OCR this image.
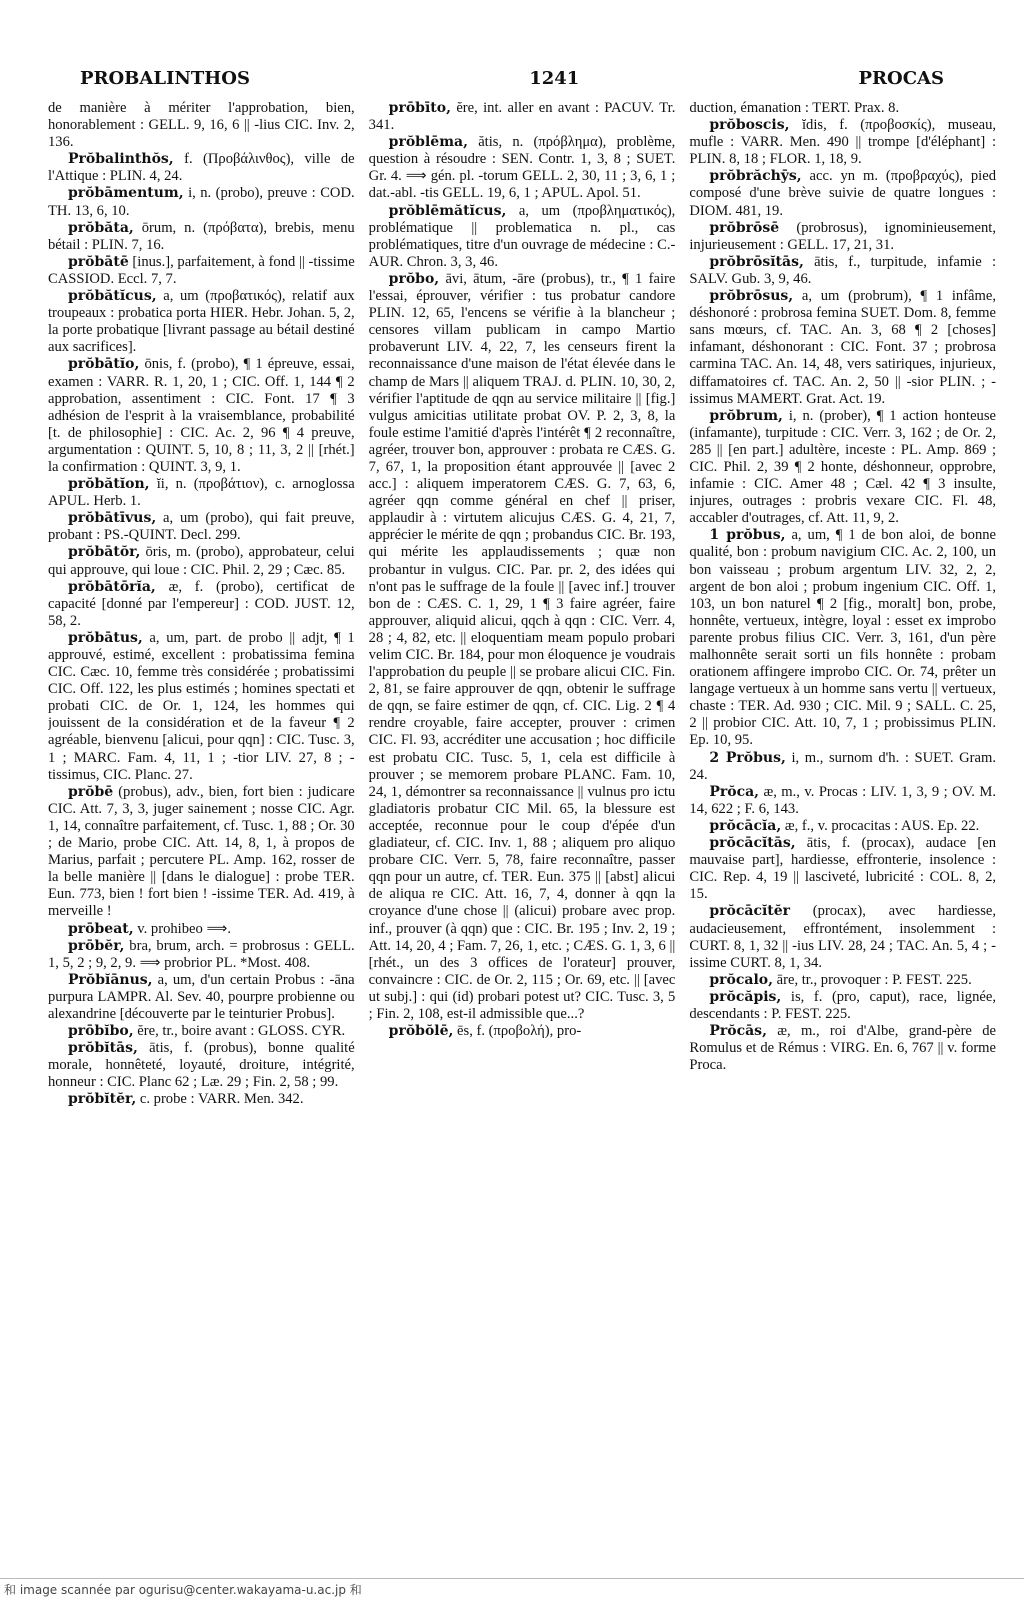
PROBALINTHOS	1241	PROCAS

de manière à mériter l'approbation, bien, honorablement : GELL. 9, 16, 6 || -lius CIC. Inv. 2, 136.

Prŏbalinthŏs, f. (Προβάλινθος), ville de l'Attique : PLIN. 4, 24.

prŏbāmentum, i, n. (probo), preuve : COD. TH. 13, 6, 10.

prŏbăta, ōrum, n. (πρόβατα), brebis, menu bétail : PLIN. 7, 16.

prŏbātē [inus.], parfaitement, à fond || -tissime CASSIOD. Eccl. 7, 7.

prŏbătĭcus, a, um (προβατικός), relatif aux troupeaux : probatica porta HIER. Hebr. Johan. 5, 2, la porte probatique [livrant passage au bétail destiné aux sacrifices].

prŏbātĭo, ōnis, f. (probo), ¶ 1 épreuve, essai, examen : VARR. R. 1, 20, 1 ; CIC. Off. 1, 144 ¶ 2 approbation, assentiment : CIC. Font. 17 ¶ 3 adhésion de l'esprit à la vraisemblance, probabilité [t. de philosophie] : CIC. Ac. 2, 96 ¶ 4 preuve, argumentation : QUINT. 5, 10, 8 ; 11, 3, 2 || [rhét.] la confirmation : QUINT. 3, 9, 1.

prŏbătĭon, ĭi, n. (προβάτιον), c. arnoglossa APUL. Herb. 1.

prŏbātīvus, a, um (probo), qui fait preuve, probant : PS.-QUINT. Decl. 299.

prŏbātŏr, ōris, m. (probo), approbateur, celui qui approuve, qui loue : CIC. Phil. 2, 29 ; Cæc. 85.

prŏbātōrĭa, æ, f. (probo), certificat de capacité [donné par l'empereur] : COD. JUST. 12, 58, 2.

prŏbātus, a, um, part. de probo || adjt, ¶ 1 approuvé, estimé, excellent : probatissima femina CIC. Cæc. 10, femme très considérée ; probatissimi CIC. Off. 122, les plus estimés ; homines spectati et probati CIC. de Or. 1, 124, les hommes qui jouissent de la considération et de la faveur ¶ 2 agréable, bienvenu [alicui, pour qqn] : CIC. Tusc. 3, 1 ; MARC. Fam. 4, 11, 1 ; -tior LIV. 27, 8 ; -tissimus, CIC. Planc. 27.

prŏbē (probus), adv., bien, fort bien : judicare CIC. Att. 7, 3, 3, juger sainement ; nosse CIC. Agr. 1, 14, connaître parfaitement, cf. Tusc. 1, 88 ; Or. 30 ; de Mario, probe CIC. Att. 14, 8, 1, à propos de Marius, parfait ; percutere PL. Amp. 162, rosser de la belle manière || [dans le dialogue] : probe TER. Eun. 773, bien ! fort bien ! -issime TER. Ad. 419, à merveille !

prōbeat, v. prohibeo ⟹.

prōbĕr, bra, brum, arch. = probrosus : GELL. 1, 5, 2 ; 9, 2, 9. ⟹ probrior PL. *Most. 408.

Prŏbĭānus, a, um, d'un certain Probus : -āna purpura LAMPR. Al. Sev. 40, pourpre probienne ou alexandrine [découverte par le teinturier Probus].

prōbĭbo, ĕre, tr., boire avant : GLOSS. CYR.

prŏbĭtās, ātis, f. (probus), bonne qualité morale, honnêteté, loyauté, droiture, intégrité, honneur : CIC. Planc 62 ; Læ. 29 ; Fin. 2, 58 ; 99.

prŏbĭtĕr, c. probe : VARR. Men. 342.

prōbīto, ĕre, int. aller en avant : PACUV. Tr. 341.

prŏblēma, ătis, n. (πρόβλημα), problème, question à résoudre : SEN. Contr. 1, 3, 8 ; SUET. Gr. 4. ⟹ gén. pl. -torum GELL. 2, 30, 11 ; 3, 6, 1 ; dat.-abl. -tis GELL. 19, 6, 1 ; APUL. Apol. 51.

prŏblēmătĭcus, a, um (προβληματικός), problématique || problematica n. pl., cas problématiques, titre d'un ouvrage de médecine : C.-AUR. Chron. 3, 3, 46.

prŏbo, āvi, ātum, -āre (probus), tr., ¶ 1 faire l'essai, éprouver, vérifier : tus probatur candore PLIN. 12, 65, l'encens se vérifie à la blancheur ; censores villam publicam in campo Martio probaverunt LIV. 4, 22, 7, les censeurs firent la reconnaissance d'une maison de l'état élevée dans le champ de Mars || aliquem TRAJ. d. PLIN. 10, 30, 2, vérifier l'aptitude de qqn au service militaire || [fig.] vulgus amicitias utilitate probat OV. P. 2, 3, 8, la foule estime l'amitié d'après l'intérêt ¶ 2 reconnaître, agréer, trouver bon, approuver : probata re CÆS. G. 7, 67, 1, la proposition étant approuvée || [avec 2 acc.] : aliquem imperatorem CÆS. G. 7, 63, 6, agréer qqn comme général en chef || priser, applaudir à : virtutem alicujus CÆS. G. 4, 21, 7, apprécier le mérite de qqn ; probandus CIC. Br. 193, qui mérite les applaudissements ; quæ non probantur in vulgus. CIC. Par. pr. 2, des idées qui n'ont pas le suffrage de la foule || [avec inf.] trouver bon de : CÆS. C. 1, 29, 1 ¶ 3 faire agréer, faire approuver, aliquid alicui, qqch à qqn : CIC. Verr. 4, 28 ; 4, 82, etc. || eloquentiam meam populo probari velim CIC. Br. 184, pour mon éloquence je voudrais l'approbation du peuple || se probare alicui CIC. Fin. 2, 81, se faire approuver de qqn, obtenir le suffrage de qqn, se faire estimer de qqn, cf. CIC. Lig. 2 ¶ 4 rendre croyable, faire accepter, prouver : crimen CIC. Fl. 93, accréditer une accusation ; hoc difficile est probatu CIC. Tusc. 5, 1, cela est difficile à prouver ; se memorem probare PLANC. Fam. 10, 24, 1, démontrer sa reconnaissance || vulnus pro ictu gladiatoris probatur CIC Mil. 65, la blessure est acceptée, reconnue pour le coup d'épée d'un gladiateur, cf. CIC. Inv. 1, 88 ; aliquem pro aliquo probare CIC. Verr. 5, 78, faire reconnaître, passer qqn pour un autre, cf. TER. Eun. 375 || [abst] alicui de aliqua re CIC. Att. 16, 7, 4, donner à qqn la croyance d'une chose || (alicui) probare avec prop. inf., prouver (à qqn) que : CIC. Br. 195 ; Inv. 2, 19 ; Att. 14, 20, 4 ; Fam. 7, 26, 1, etc. ; CÆS. G. 1, 3, 6 || [rhét., un des 3 offices de l'orateur] prouver, convaincre : CIC. de Or. 2, 115 ; Or. 69, etc. || [avec ut subj.] : qui (id) probari potest ut? CIC. Tusc. 3, 5 ; Fin. 2, 108, est-il admissible que...?

prŏbŏlē, ēs, f. (προβολή), pro-

duction, émanation : TERT. Prax. 8.

prŏboscis, ĭdis, f. (προβοσκίς), museau, mufle : VARR. Men. 490 || trompe [d'éléphant] : PLIN. 8, 18 ; FLOR. 1, 18, 9.

prŏbrăchȳs, acc. yn m. (προβραχύς), pied composé d'une brève suivie de quatre longues : DIOM. 481, 19.

prŏbrōsē (probrosus), ignominieusement, injurieusement : GELL. 17, 21, 31.

prŏbrōsĭtās, ātis, f., turpitude, infamie : SALV. Gub. 3, 9, 46.

prŏbrōsus, a, um (probrum), ¶ 1 infâme, déshonoré : probrosa femina SUET. Dom. 8, femme sans mœurs, cf. TAC. An. 3, 68 ¶ 2 [choses] infamant, déshonorant : CIC. Font. 37 ; probrosa carmina TAC. An. 14, 48, vers satiriques, injurieux, diffamatoires cf. TAC. An. 2, 50 || -sior PLIN. ; -issimus MAMERT. Grat. Act. 19.

prŏbrum, i, n. (prober), ¶ 1 action honteuse (infamante), turpitude : CIC. Verr. 3, 162 ; de Or. 2, 285 || [en part.] adultère, inceste : PL. Amp. 869 ; CIC. Phil. 2, 39 ¶ 2 honte, déshonneur, opprobre, infamie : CIC. Amer 48 ; Cæl. 42 ¶ 3 insulte, injures, outrages : probris vexare CIC. Fl. 48, accabler d'outrages, cf. Att. 11, 9, 2.

1 prŏbus, a, um, ¶ 1 de bon aloi, de bonne qualité, bon : probum navigium CIC. Ac. 2, 100, un bon vaisseau ; probum argentum LIV. 32, 2, 2, argent de bon aloi ; probum ingenium CIC. Off. 1, 103, un bon naturel ¶ 2 [fig., moralt] bon, probe, honnête, vertueux, intègre, loyal : esset ex improbo parente probus filius CIC. Verr. 3, 161, d'un père malhonnête serait sorti un fils honnête : probam orationem affingere improbo CIC. Or. 74, prêter un langage vertueux à un homme sans vertu || vertueux, chaste : TER. Ad. 930 ; CIC. Mil. 9 ; SALL. C. 25, 2 || probior CIC. Att. 10, 7, 1 ; probissimus PLIN. Ep. 10, 95.

2 Prŏbus, i, m., surnom d'h. : SUET. Gram. 24.

Prŏca, æ, m., v. Procas : LIV. 1, 3, 9 ; OV. M. 14, 622 ; F. 6, 143.

prŏcācĭa, æ, f., v. procacitas : AUS. Ep. 22.

prŏcācĭtās, ātis, f. (procax), audace [en mauvaise part], hardiesse, effronterie, insolence : CIC. Rep. 4, 19 || lasciveté, lubricité : COL. 8, 2, 15.

prŏcācĭtĕr (procax), avec hardiesse, audacieusement, effrontément, insolemment : CURT. 8, 1, 32 || -ius LIV. 28, 24 ; TAC. An. 5, 4 ; -issime CURT. 8, 1, 34.

prŏcalo, āre, tr., provoquer : P. FEST. 225.

prŏcăpis, is, f. (pro, caput), race, lignée, descendants : P. FEST. 225.

Prŏcās, æ, m., roi d'Albe, grand-père de Romulus et de Rémus : VIRG. En. 6, 767 || v. forme Proca.

和 image scannée par ogurisu@center.wakayama-u.ac.jp 和
